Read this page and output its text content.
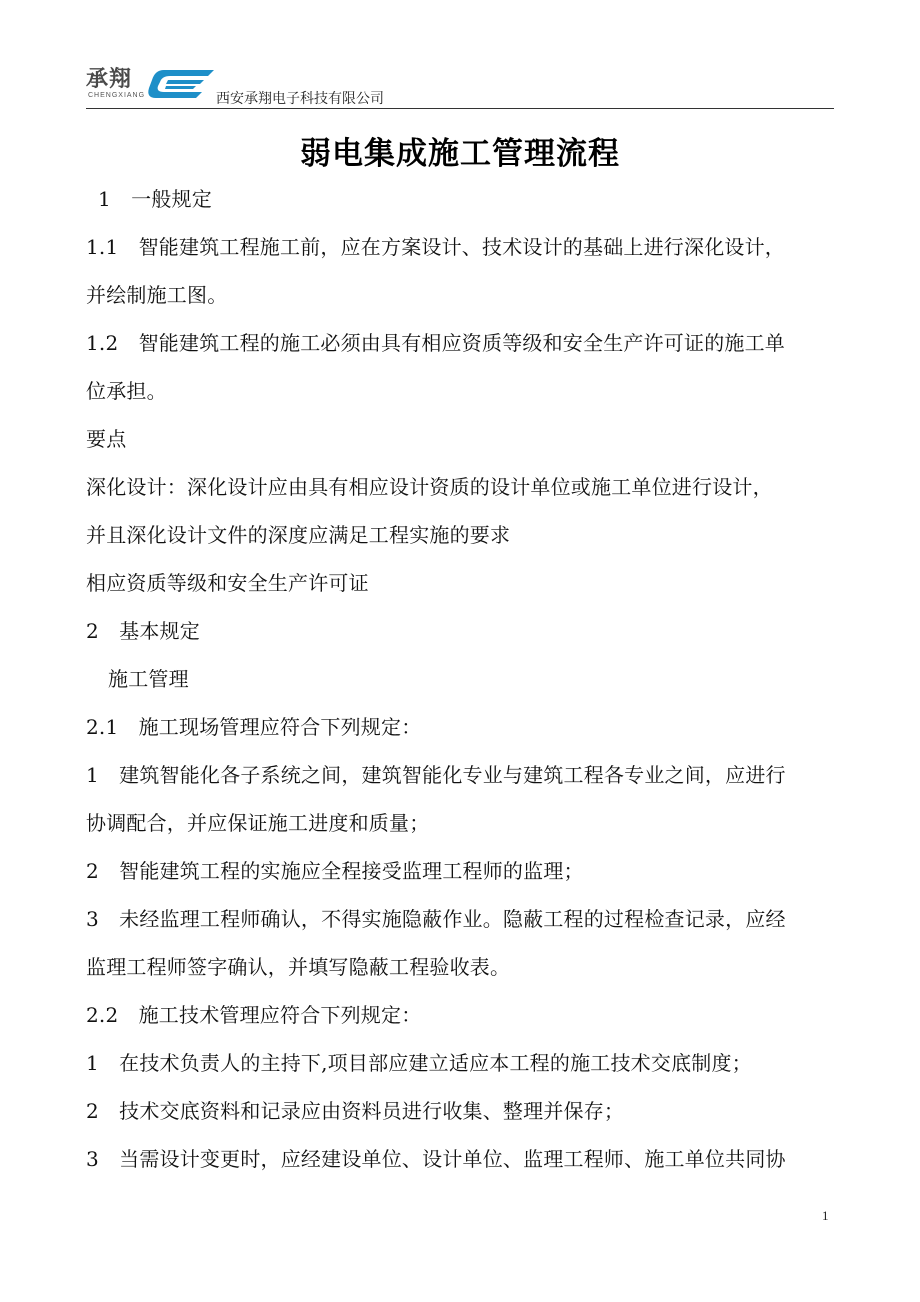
承翔
CHENGXIANG	西安承翔电子科技有限公司
弱电集成施工管理流程
1　一般规定
1.1　智能建筑工程施工前，应在方案设计、技术设计的基础上进行深化设计，
并绘制施工图。
1.2　智能建筑工程的施工必须由具有相应资质等级和安全生产许可证的施工单
位承担。
要点
深化设计：深化设计应由具有相应设计资质的设计单位或施工单位进行设计，
并且深化设计文件的深度应满足工程实施的要求
相应资质等级和安全生产许可证
2　基本规定
施工管理
2.1　施工现场管理应符合下列规定：
1　建筑智能化各子系统之间，建筑智能化专业与建筑工程各专业之间，应进行
协调配合，并应保证施工进度和质量；
2　智能建筑工程的实施应全程接受监理工程师的监理；
3　未经监理工程师确认，不得实施隐蔽作业。隐蔽工程的过程检查记录，应经
监理工程师签字确认，并填写隐蔽工程验收表。
2.2　施工技术管理应符合下列规定：
1　在技术负责人的主持下,项目部应建立适应本工程的施工技术交底制度；
2　技术交底资料和记录应由资料员进行收集、整理并保存；
3　当需设计变更时，应经建设单位、设计单位、监理工程师、施工单位共同协
1
